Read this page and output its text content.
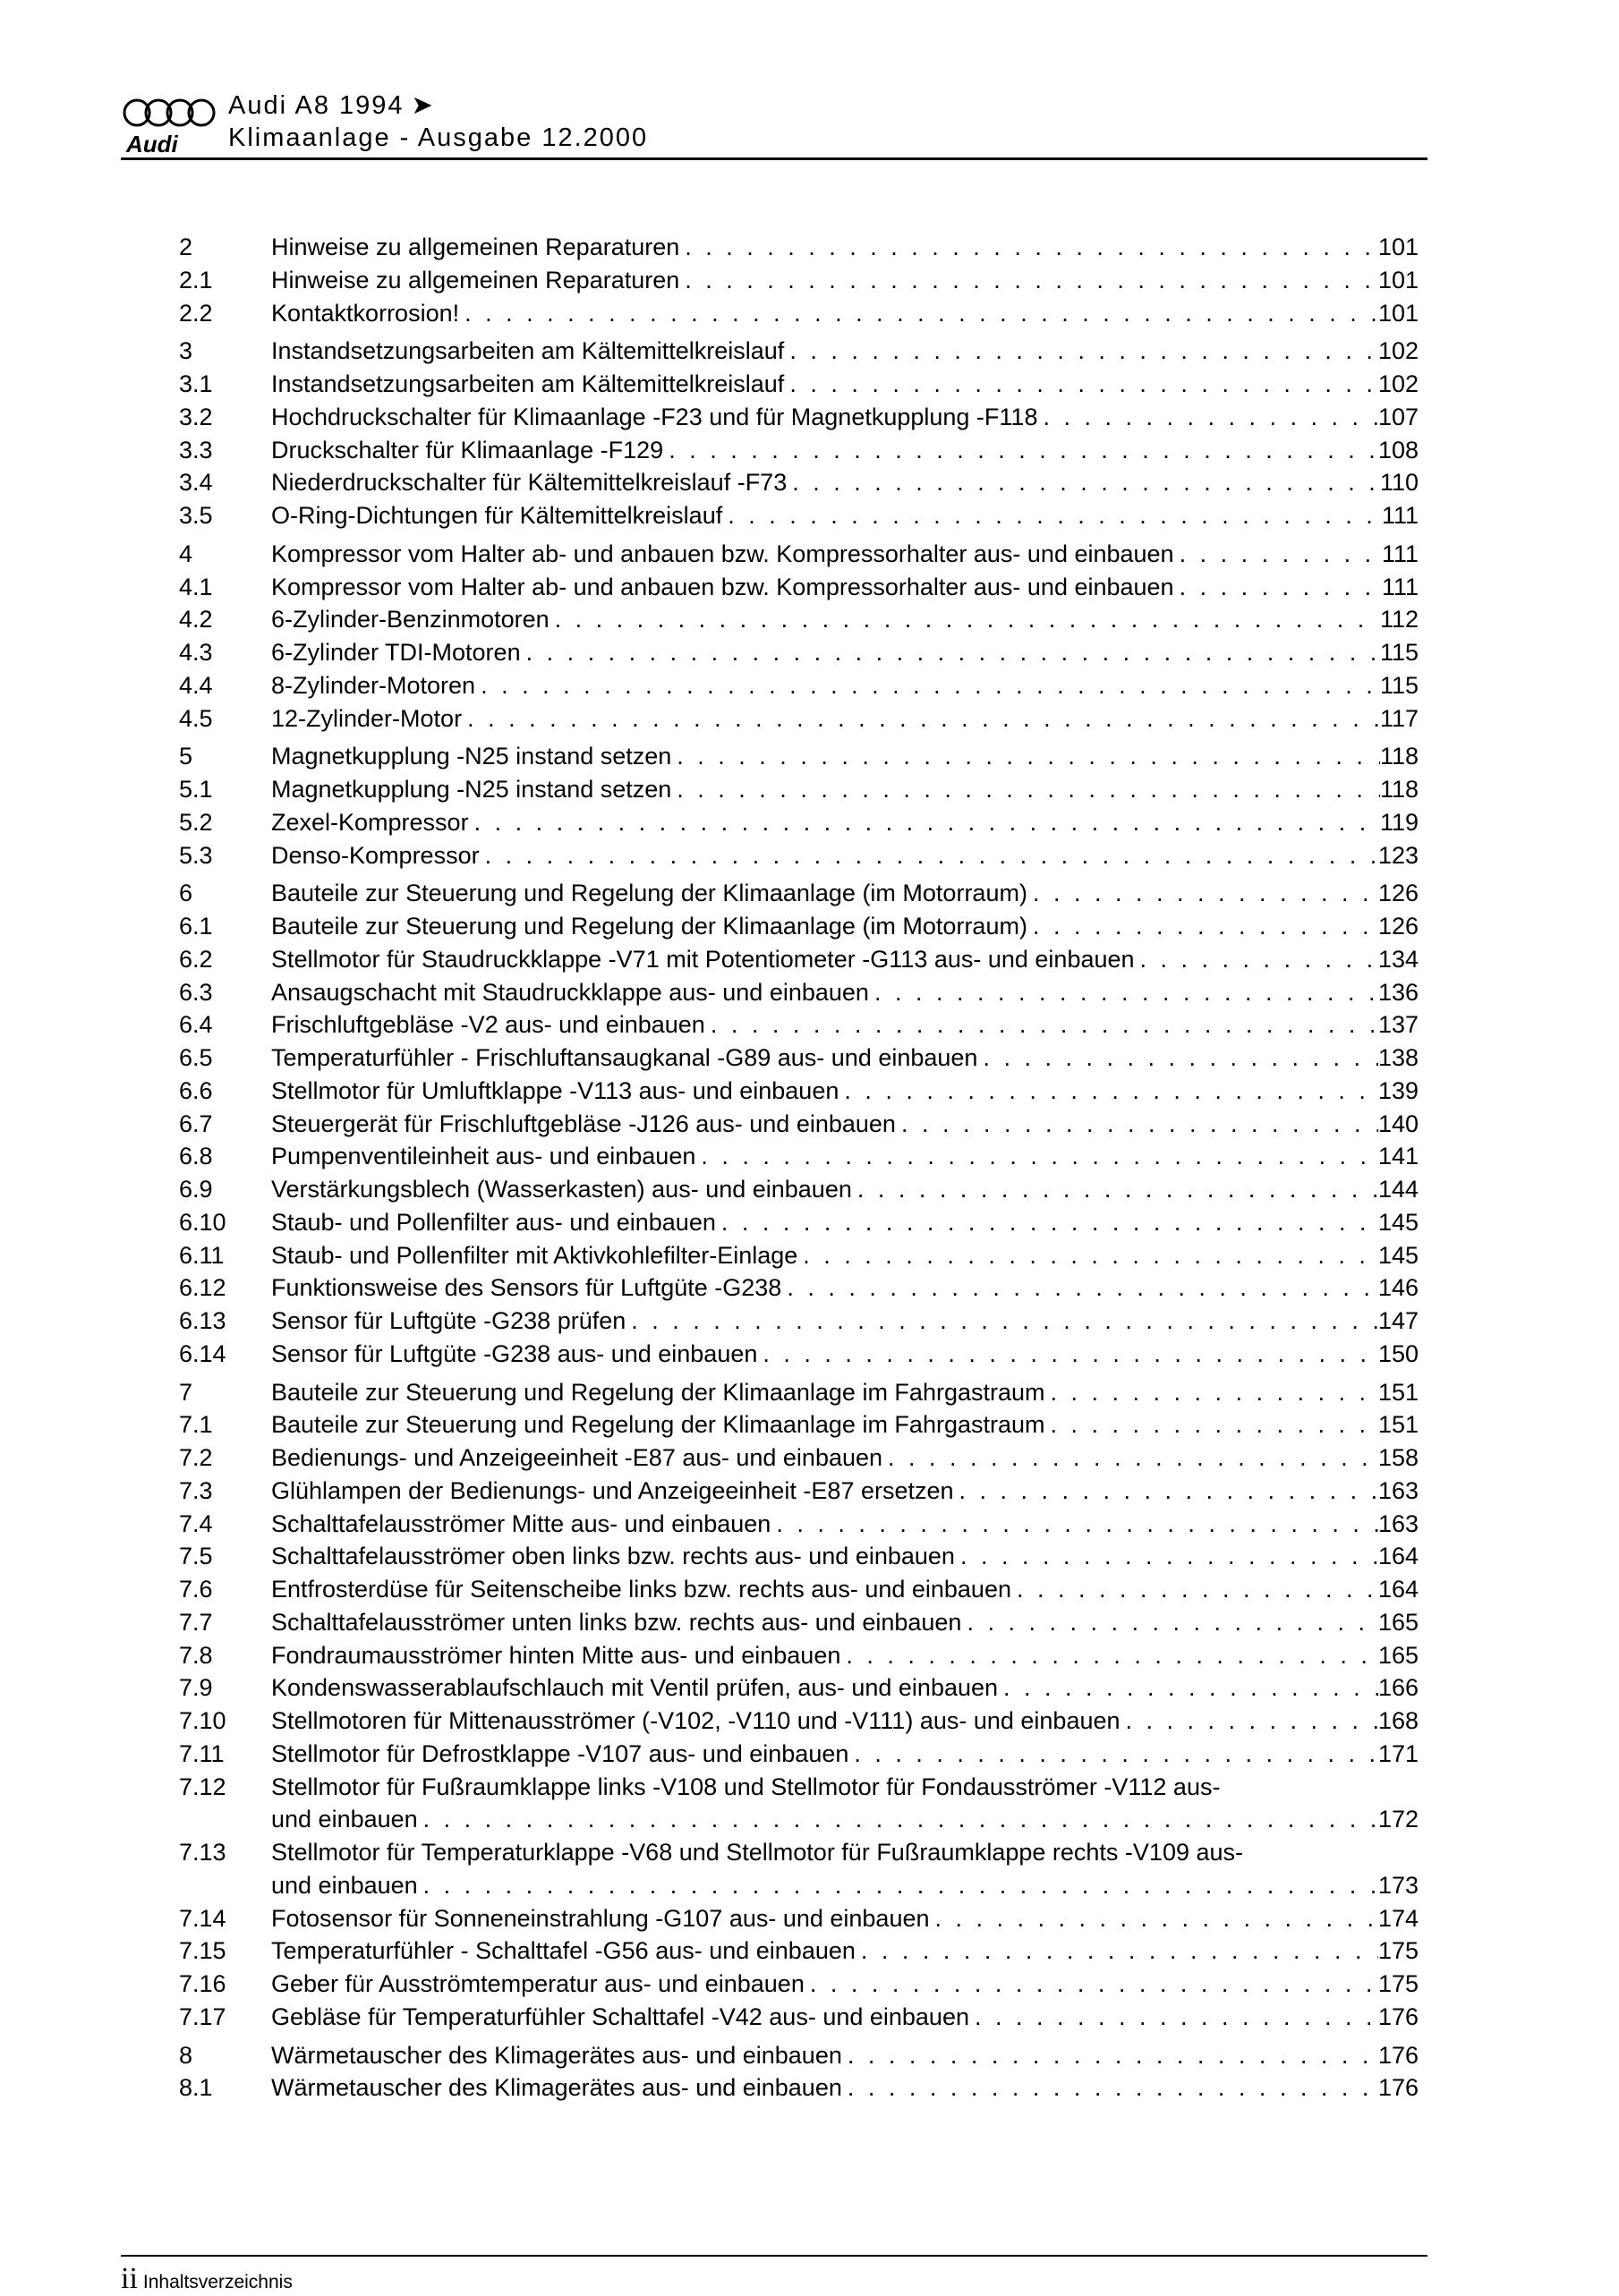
Audi
Audi A8 1994 ➤
Klimaanlage - Ausgabe 12.2000
2	Hinweise zu allgemeinen Reparaturen . . .	101
2.1 Hinweise zu allgemeinen Reparaturen . . .	101
2.2 Kontaktkorrosion! . . .	101
3	Instandsetzungsarbeiten am Kältemittelkreislauf . . .	102
3.1 Instandsetzungsarbeiten am Kältemittelkreislauf . . .	102
3.2 Hochdruckschalter für Klimaanlage -F23 und für Magnetkupplung -F118 . . .	107
3.3 Druckschalter für Klimaanlage -F129 . . .	108
3.4 Niederdruckschalter für Kältemittelkreislauf -F73 . . .	110
3.5 O-Ring-Dichtungen für Kältemittelkreislauf . . .	111
4	Kompressor vom Halter ab- und anbauen bzw. Kompressorhalter aus- und einbauen . . .	111
4.1 Kompressor vom Halter ab- und anbauen bzw. Kompressorhalter aus- und einbauen . . .	111
4.2 6-Zylinder-Benzinmotoren . . .	112
4.3 6-Zylinder TDI-Motoren . . .	115
4.4 8-Zylinder-Motoren . . .	115
4.5 12-Zylinder-Motor . . .	117
5	Magnetkupplung -N25 instand setzen . . .	118
5.1 Magnetkupplung -N25 instand setzen . . .	118
5.2 Zexel-Kompressor . . .	119
5.3 Denso-Kompressor . . .	123
6	Bauteile zur Steuerung und Regelung der Klimaanlage (im Motorraum) . . .	126
6.1 Bauteile zur Steuerung und Regelung der Klimaanlage (im Motorraum) . . .	126
6.2 Stellmotor für Staudruckklappe -V71 mit Potentiometer -G113 aus- und einbauen . . .	134
6.3 Ansaugschacht mit Staudruckklappe aus- und einbauen . . .	136
6.4 Frischluftgebläse -V2 aus- und einbauen . . .	137
6.5 Temperaturfühler - Frischluftansaugkanal -G89 aus- und einbauen . . .	138
6.6 Stellmotor für Umluftklappe -V113 aus- und einbauen . . .	139
6.7 Steuergerät für Frischluftgebläse -J126 aus- und einbauen . . .	140
6.8 Pumpenventileinheit aus- und einbauen . . .	141
6.9 Verstärkungsblech (Wasserkasten) aus- und einbauen . . .	144
6.10 Staub- und Pollenfilter aus- und einbauen . . .	145
6.11 Staub- und Pollenfilter mit Aktivkohlefilter-Einlage . . .	145
6.12 Funktionsweise des Sensors für Luftgüte -G238 . . .	146
6.13 Sensor für Luftgüte -G238 prüfen . . .	147
6.14 Sensor für Luftgüte -G238 aus- und einbauen . . .	150
7	Bauteile zur Steuerung und Regelung der Klimaanlage im Fahrgastraum . . .	151
7.1 Bauteile zur Steuerung und Regelung der Klimaanlage im Fahrgastraum . . .	151
7.2 Bedienungs- und Anzeigeeinheit -E87 aus- und einbauen . . .	158
7.3 Glühlampen der Bedienungs- und Anzeigeeinheit -E87 ersetzen . . .	163
7.4 Schalttafelausströmer Mitte aus- und einbauen . . .	163
7.5 Schalttafelausströmer oben links bzw. rechts aus- und einbauen . . .	164
7.6 Entfrosterdüse für Seitenscheibe links bzw. rechts aus- und einbauen . . .	164
7.7 Schalttafelausströmer unten links bzw. rechts aus- und einbauen . . .	165
7.8 Fondraumausströmer hinten Mitte aus- und einbauen . . .	165
7.9 Kondenswasserablaufschlauch mit Ventil prüfen, aus- und einbauen . . .	166
7.10 Stellmotoren für Mittenausströmer (-V102, -V110 und -V111) aus- und einbauen . . .	168
7.11 Stellmotor für Defrostklappe -V107 aus- und einbauen . . .	171
7.12 Stellmotor für Fußraumklappe links -V108 und Stellmotor für Fondausströmer -V112 aus-
und einbauen . . .	172
7.13 Stellmotor für Temperaturklappe -V68 und Stellmotor für Fußraumklappe rechts -V109 aus-
und einbauen . . .	173
7.14 Fotosensor für Sonneneinstrahlung -G107 aus- und einbauen . . .	174
7.15 Temperaturfühler - Schalttafel -G56 aus- und einbauen . . .	175
7.16 Geber für Ausströmtemperatur aus- und einbauen . . .	175
7.17 Gebläse für Temperaturfühler Schalttafel -V42 aus- und einbauen . . .	176
8	Wärmetauscher des Klimagerätes aus- und einbauen . . .	176
8.1 Wärmetauscher des Klimagerätes aus- und einbauen . . .	176
ii Inhaltsverzeichnis
